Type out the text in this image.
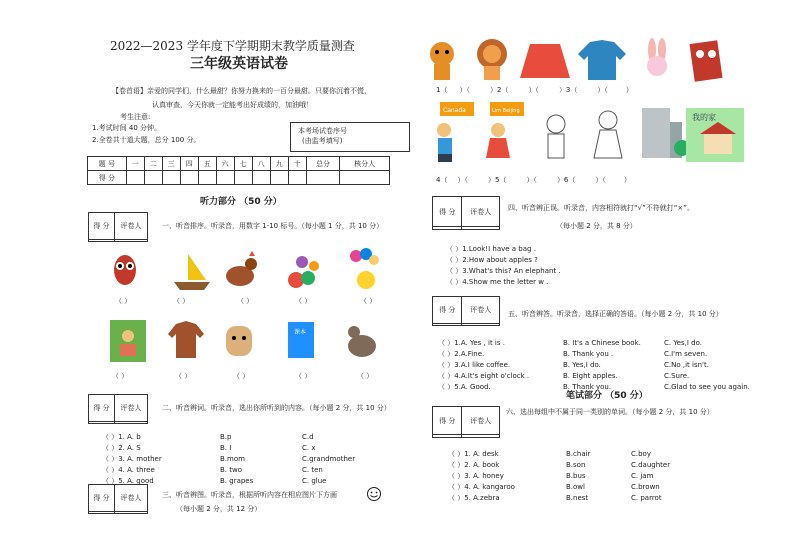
2022—2023 学年度下学期期末教学质量测查
三年级英语试卷
【卷首语】亲爱的同学们，什么最甜？你努力换来的一百分最甜。只要你沉着不慌，
认真审查，今天你就一定能考出好成绩的，加油哦！
考生注意:
1.考试时间 40 分钟。
2.全卷共十道大题，总分 100 分。
本考场试卷序号
(由监考填写)
题 号	一	二	三	四	五	六	七	八	九	十	总分	核分人
得 分												
听力部分 （50 分）
得 分	评卷人
		一、听音排序。听录音，用数字 1-10 标号。（每小题 1 分，共 10 分）
（ ）	（ ）	（ ）	（ ）	（ ）
课本
（ ）	（ ）	（ ）	（ ）	（ ）
得 分	评卷人
		二、听音辨词。听录音，选出你所听到的内容。（每小题 2 分，共 10 分）
（ ）1. A. b	B.p	C.d
（ ）2. A. S	B. I	C. x
（ ）3. A. mother	B.mom	C.grandmother
（ ）4. A. three	B. two	C. ten
（ ）5. A. good	B. grapes	C. glue
得 分	评卷人
		三、听音辨图。听录音，根据所听内容在相应图片下方画
（每小题 2 分，共 12 分）
1（ ）（	）2（	）（	）3（	）（	）
Canada	Lim Beijing
我的家
4（ ）（	）5（	）（	）6（	）（	）
得 分	评卷人
	四、听音辨正误。听录音，内容相符就打“√”不符就打“×”。
（每小题 2 分，共 8 分）
（ ）1.Look!I have a bag .
（ ）2.How about apples ?
（ ）3.What's this? An elephant .
（ ）4.Show me the letter w .
得 分	评卷人

五、听音辨答。听录音，选择正确的答语。（每小题 2 分，共 10 分）
（ ）1.A. Yes , it is .	B. It's a Chinese book.	C. Yes,I do.
（ ）2.A.Fine.	B. Thank you .	C.I'm seven.
（ ）3.A.I like coffee.	B. Yes,I do.	C.No ,it isn't.
（ ）4.A.It's eight o'clock .	B. Eight apples.	C.Sure.
（ ）5.A. Good.	B. Thank you.	C.Glad to see you again.
笔试部分 （50 分）
得 分	评卷人

六、选出每组中不属于同一类别的单词。（每小题 2 分，共 10 分）
（ ）1. A. desk	B.chair	C.boy
（ ）2. A. book	B.son	C.daughter
（ ）3. A. honey	B.bus	C. jam
（ ）4. A. kangaroo	B.owl	C.brown
（ ）5. A.zebra	B.nest	C. parrot
